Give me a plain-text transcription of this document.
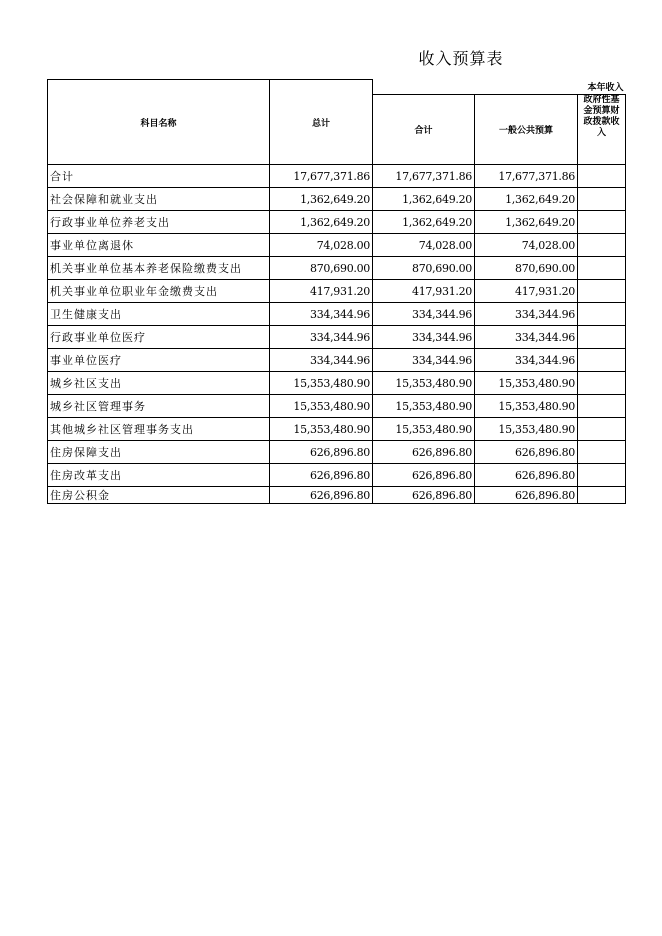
收入预算表
科目名称	总计	本年收入		
		合计	一般公共预算	政府性基金预算财政拨款收入
合计	17,677,371.86	17,677,371.86	17,677,371.86	
社会保障和就业支出	1,362,649.20	1,362,649.20	1,362,649.20	
行政事业单位养老支出	1,362,649.20	1,362,649.20	1,362,649.20	
事业单位离退休	74,028.00	74,028.00	74,028.00	
机关事业单位基本养老保险缴费支出	870,690.00	870,690.00	870,690.00	
机关事业单位职业年金缴费支出	417,931.20	417,931.20	417,931.20	
卫生健康支出	334,344.96	334,344.96	334,344.96	
行政事业单位医疗	334,344.96	334,344.96	334,344.96	
事业单位医疗	334,344.96	334,344.96	334,344.96	
城乡社区支出	15,353,480.90	15,353,480.90	15,353,480.90	
城乡社区管理事务	15,353,480.90	15,353,480.90	15,353,480.90	
其他城乡社区管理事务支出	15,353,480.90	15,353,480.90	15,353,480.90	
住房保障支出	626,896.80	626,896.80	626,896.80	
住房改革支出	626,896.80	626,896.80	626,896.80	
住房公积金	626,896.80	626,896.80	626,896.80	
